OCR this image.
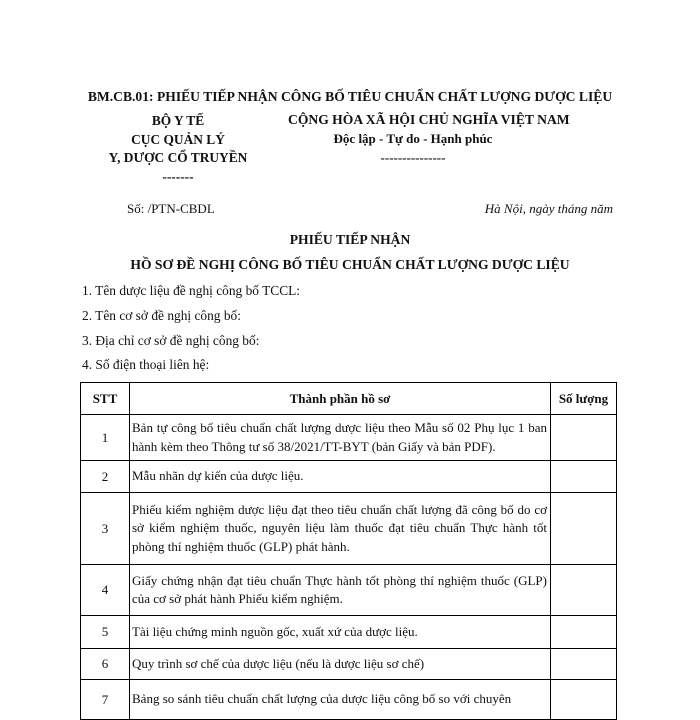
BM.CB.01: PHIẾU TIẾP NHẬN CÔNG BỐ TIÊU CHUẨN CHẤT LƯỢNG DƯỢC LIỆU
BỘ Y TẾ
CỤC QUẢN LÝ
Y, DƯỢC CỔ TRUYỀN
-------
CỘNG HÒA XÃ HỘI CHỦ NGHĨA VIỆT NAM
Độc lập - Tự do - Hạnh phúc
---------------
Số: /PTN-CBDL	Hà Nội, ngày tháng năm
PHIẾU TIẾP NHẬN
HỒ SƠ ĐỀ NGHỊ CÔNG BỐ TIÊU CHUẨN CHẤT LƯỢNG DƯỢC LIỆU
1. Tên dược liệu đề nghị công bố TCCL:
2. Tên cơ sở đề nghị công bố:
3. Địa chỉ cơ sở đề nghị công bố:
4. Số điện thoại liên hệ:
STT	Thành phần hồ sơ	Số lượng
1	Bản tự công bố tiêu chuẩn chất lượng dược liệu theo Mẫu số 02 Phụ lục 1 ban hành kèm theo Thông tư số 38/2021/TT-BYT (bản Giấy và bản PDF).	
2	Mẫu nhãn dự kiến của dược liệu.	
3	Phiếu kiểm nghiệm dược liệu đạt theo tiêu chuẩn chất lượng đã công bố do cơ sở kiểm nghiệm thuốc, nguyên liệu làm thuốc đạt tiêu chuẩn Thực hành tốt phòng thí nghiệm thuốc (GLP) phát hành.	
4	Giấy chứng nhận đạt tiêu chuẩn Thực hành tốt phòng thí nghiệm thuốc (GLP) của cơ sở phát hành Phiếu kiểm nghiệm.	
5	Tài liệu chứng minh nguồn gốc, xuất xứ của dược liệu.	
6	Quy trình sơ chế của dược liệu (nếu là dược liệu sơ chế)	
7	Bảng so sánh tiêu chuẩn chất lượng của dược liệu công bố so với chuyên	
